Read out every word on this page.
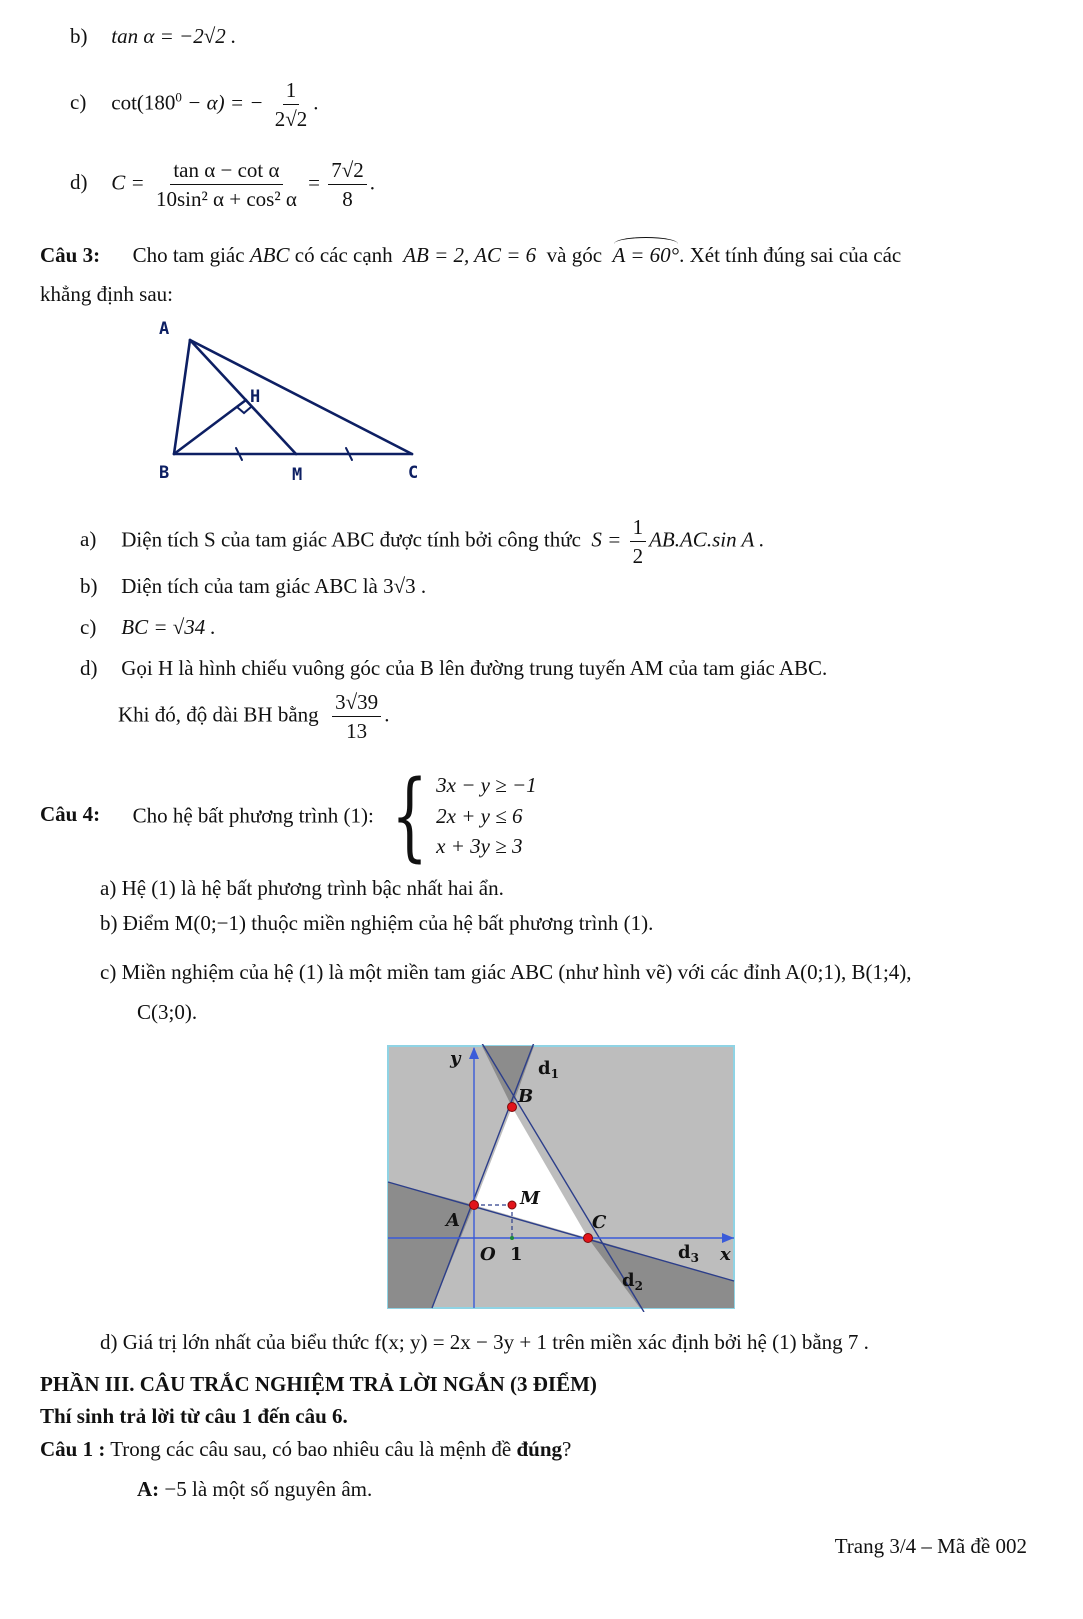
b) tan α = −2√2 .
c) $\cot(180^0 - \alpha)$ = − $\frac{1}{2√2}$ .
d) $C = \frac{\text{tan α − cot α}}{\text{10sin² α + cos² α}} = \frac{7√2}{8}$ .
Câu 3: Cho tam giác ABC có các cạnh AB = 2, AC = 6 và góc A = 60°. Xét tính đúng sai của các
khẳng định sau:
A
H
B	M	C
a) Diện tích S của tam giác ABC được tính bởi công thức $S = \frac{1}{2} AB.AC.\sin$ A .
b) Diện tích của tam giác ABC là 3√3 .
c) BC = √34 .
d) Gọi H là hình chiếu vuông góc của B lên đường trung tuyến AM của tam giác ABC.
Khi đó, độ dài BH bằng $\frac{3√39}{13}$ .
Câu 4: Cho hệ bất phương trình (1): { 3x − y ≥ −1
2x + y ≤ 6
x + 3y ≥ 3
a) Hệ (1) là hệ bất phương trình bậc nhất hai ẩn.
b) Điểm M(0;−1) thuộc miền nghiệm của hệ bất phương trình (1).
c) Miền nghiệm của hệ (1) là một miền tam giác ABC (như hình vẽ) với các đỉnh A(0;1), B(1;4),
C(3;0).
y
B
M
A	C
O	x
1
$d_1$
$d_3$
$d_2$
d) Giá trị lớn nhất của biểu thức f(x; y) = 2x − 3y + 1 trên miền xác định bởi hệ (1) bằng 7 .
PHẦN III. CÂU TRẮC NGHIỆM TRẢ LỜI NGẮN (3 ĐIỂM)
Thí sinh trả lời từ câu 1 đến câu 6.
Câu 1 : Trong các câu sau, có bao nhiêu câu là mệnh đề đúng?
A: −5 là một số nguyên âm.
Trang 3/4 – Mã đề 002
